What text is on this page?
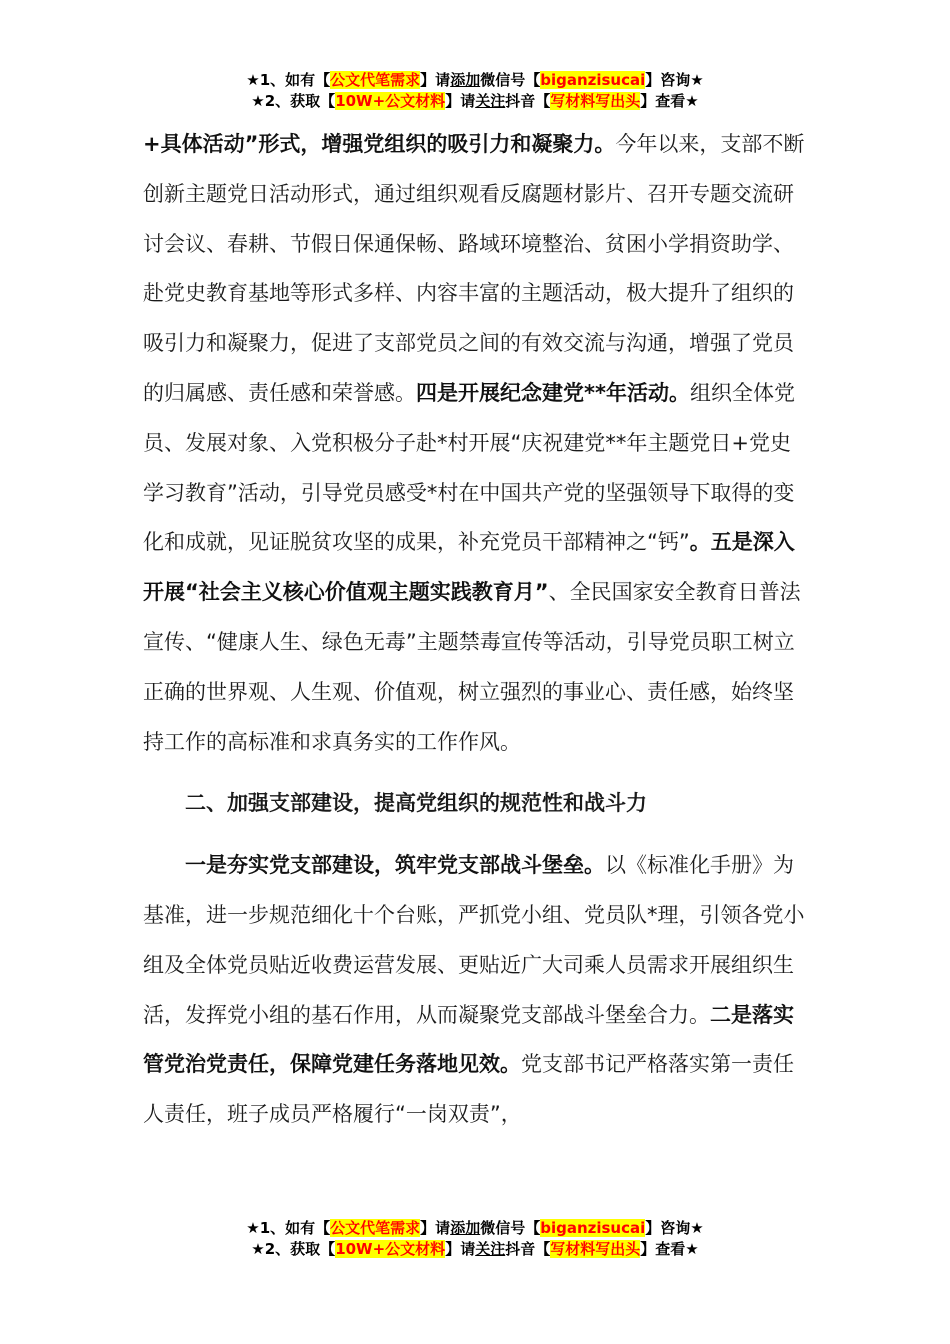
★1、如有【公文代笔需求】请添加微信号【biganzisucai】咨询★
★2、获取【10W+公文材料】请关注抖音【写材料写出头】查看★

+具体活动”形式，增强党组织的吸引力和凝聚力。今年以来，支部不断创新主题党日活动形式，通过组织观看反腐题材影片、召开专题交流研讨会议、春耕、节假日保通保畅、路域环境整治、贫困小学捐资助学、赴党史教育基地等形式多样、内容丰富的主题活动，极大提升了组织的吸引力和凝聚力，促进了支部党员之间的有效交流与沟通，增强了党员的归属感、责任感和荣誉感。四是开展纪念建党**年活动。组织全体党员、发展对象、入党积极分子赴*村开展“庆祝建党**年主题党日+党史学习教育”活动，引导党员感受*村在中国共产党的坚强领导下取得的变化和成就，见证脱贫攻坚的成果，补充党员干部精神之“钙”。五是深入开展“社会主义核心价值观主题实践教育月”、全民国家安全教育日普法宣传、“健康人生、绿色无毒”主题禁毒宣传等活动，引导党员职工树立正确的世界观、人生观、价值观，树立强烈的事业心、责任感，始终坚持工作的高标准和求真务实的工作作风。

二、加强支部建设，提高党组织的规范性和战斗力

一是夯实党支部建设，筑牢党支部战斗堡垒。以《标准化手册》为基准，进一步规范细化十个台账，严抓党小组、党员队*理，引领各党小组及全体党员贴近收费运营发展、更贴近广大司乘人员需求开展组织生活，发挥党小组的基石作用，从而凝聚党支部战斗堡垒合力。二是落实管党治党责任，保障党建任务落地见效。党支部书记严格落实第一责任人责任，班子成员严格履行“一岗双责”，

★1、如有【公文代笔需求】请添加微信号【biganzisucai】咨询★
★2、获取【10W+公文材料】请关注抖音【写材料写出头】查看★
